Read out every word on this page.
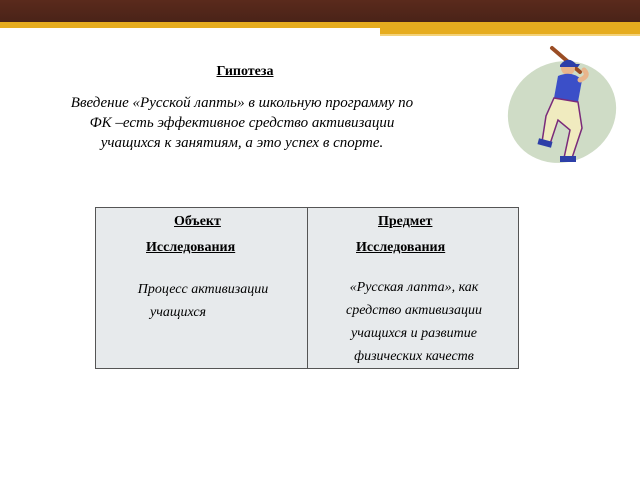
Гипотеза
Введение «Русской лапты» в школьную программу по
ФК –есть эффективное средство активизации
учащихся к занятиям, а это успех в спорте.
Объект
Исследования
Процесс активизации
учащихся
Предмет
Исследования
«Русская лапта», как
средство активизации
учащихся и развитие
физических качеств
